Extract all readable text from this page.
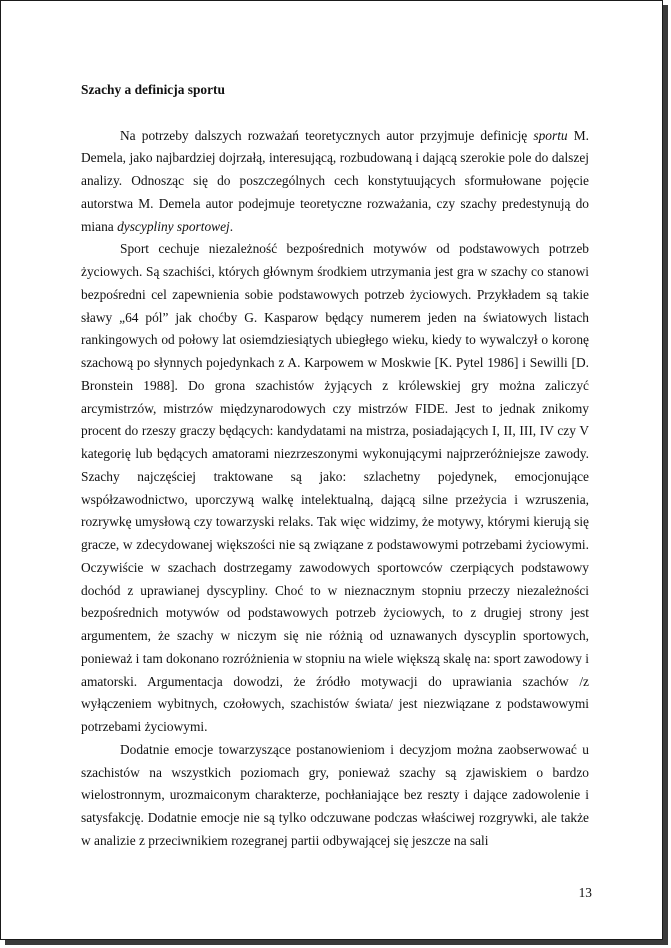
Szachy a definicja sportu

Na potrzeby dalszych rozważań teoretycznych autor przyjmuje definicję sportu M. Demela, jako najbardziej dojrzałą, interesującą, rozbudowaną i dającą szerokie pole do dalszej analizy. Odnosząc się do poszczególnych cech konstytuujących sformułowane pojęcie autorstwa M. Demela autor podejmuje teoretyczne rozważania, czy szachy predestynują do miana dyscypliny sportowej.

Sport cechuje niezależność bezpośrednich motywów od podstawowych potrzeb życiowych. Są szachiści, których głównym środkiem utrzymania jest gra w szachy co stanowi bezpośredni cel zapewnienia sobie podstawowych potrzeb życiowych. Przykładem są takie sławy „64 pól” jak choćby G. Kasparow będący numerem jeden na światowych listach rankingowych od połowy lat osiemdziesiątych ubiegłego wieku, kiedy to wywalczył o koronę szachową po słynnych pojedynkach z A. Karpowem w Moskwie [K. Pytel 1986] i Sewilli [D. Bronstein 1988]. Do grona szachistów żyjących z królewskiej gry można zaliczyć arcymistrzów, mistrzów międzynarodowych czy mistrzów FIDE. Jest to jednak znikomy procent do rzeszy graczy będących: kandydatami na mistrza, posiadających I, II, III, IV czy V kategorię lub będących amatorami niezrzeszonymi wykonującymi najprzeróżniejsze zawody. Szachy najczęściej traktowane są jako: szlachetny pojedynek, emocjonujące współzawodnictwo, uporczywą walkę intelektualną, dającą silne przeżycia i wzruszenia, rozrywkę umysłową czy towarzyski relaks. Tak więc widzimy, że motywy, którymi kierują się gracze, w zdecydowanej większości nie są związane z podstawowymi potrzebami życiowymi. Oczywiście w szachach dostrzegamy zawodowych sportowców czerpiących podstawowy dochód z uprawianej dyscypliny. Choć to w nieznacznym stopniu przeczy niezależności bezpośrednich motywów od podstawowych potrzeb życiowych, to z drugiej strony jest argumentem, że szachy w niczym się nie różnią od uznawanych dyscyplin sportowych, ponieważ i tam dokonano rozróżnienia w stopniu na wiele większą skalę na: sport zawodowy i amatorski. Argumentacja dowodzi, że źródło motywacji do uprawiania szachów /z wyłączeniem wybitnych, czołowych, szachistów świata/ jest niezwiązane z podstawowymi potrzebami życiowymi.

Dodatnie emocje towarzyszące postanowieniom i decyzjom można zaobserwować u szachistów na wszystkich poziomach gry, ponieważ szachy są zjawiskiem o bardzo wielostronnym, urozmaiconym charakterze, pochłaniające bez reszty i dające zadowolenie i satysfakcję. Dodatnie emocje nie są tylko odczuwane podczas właściwej rozgrywki, ale także w analizie z przeciwnikiem rozegranej partii odbywającej się jeszcze na sali

13
